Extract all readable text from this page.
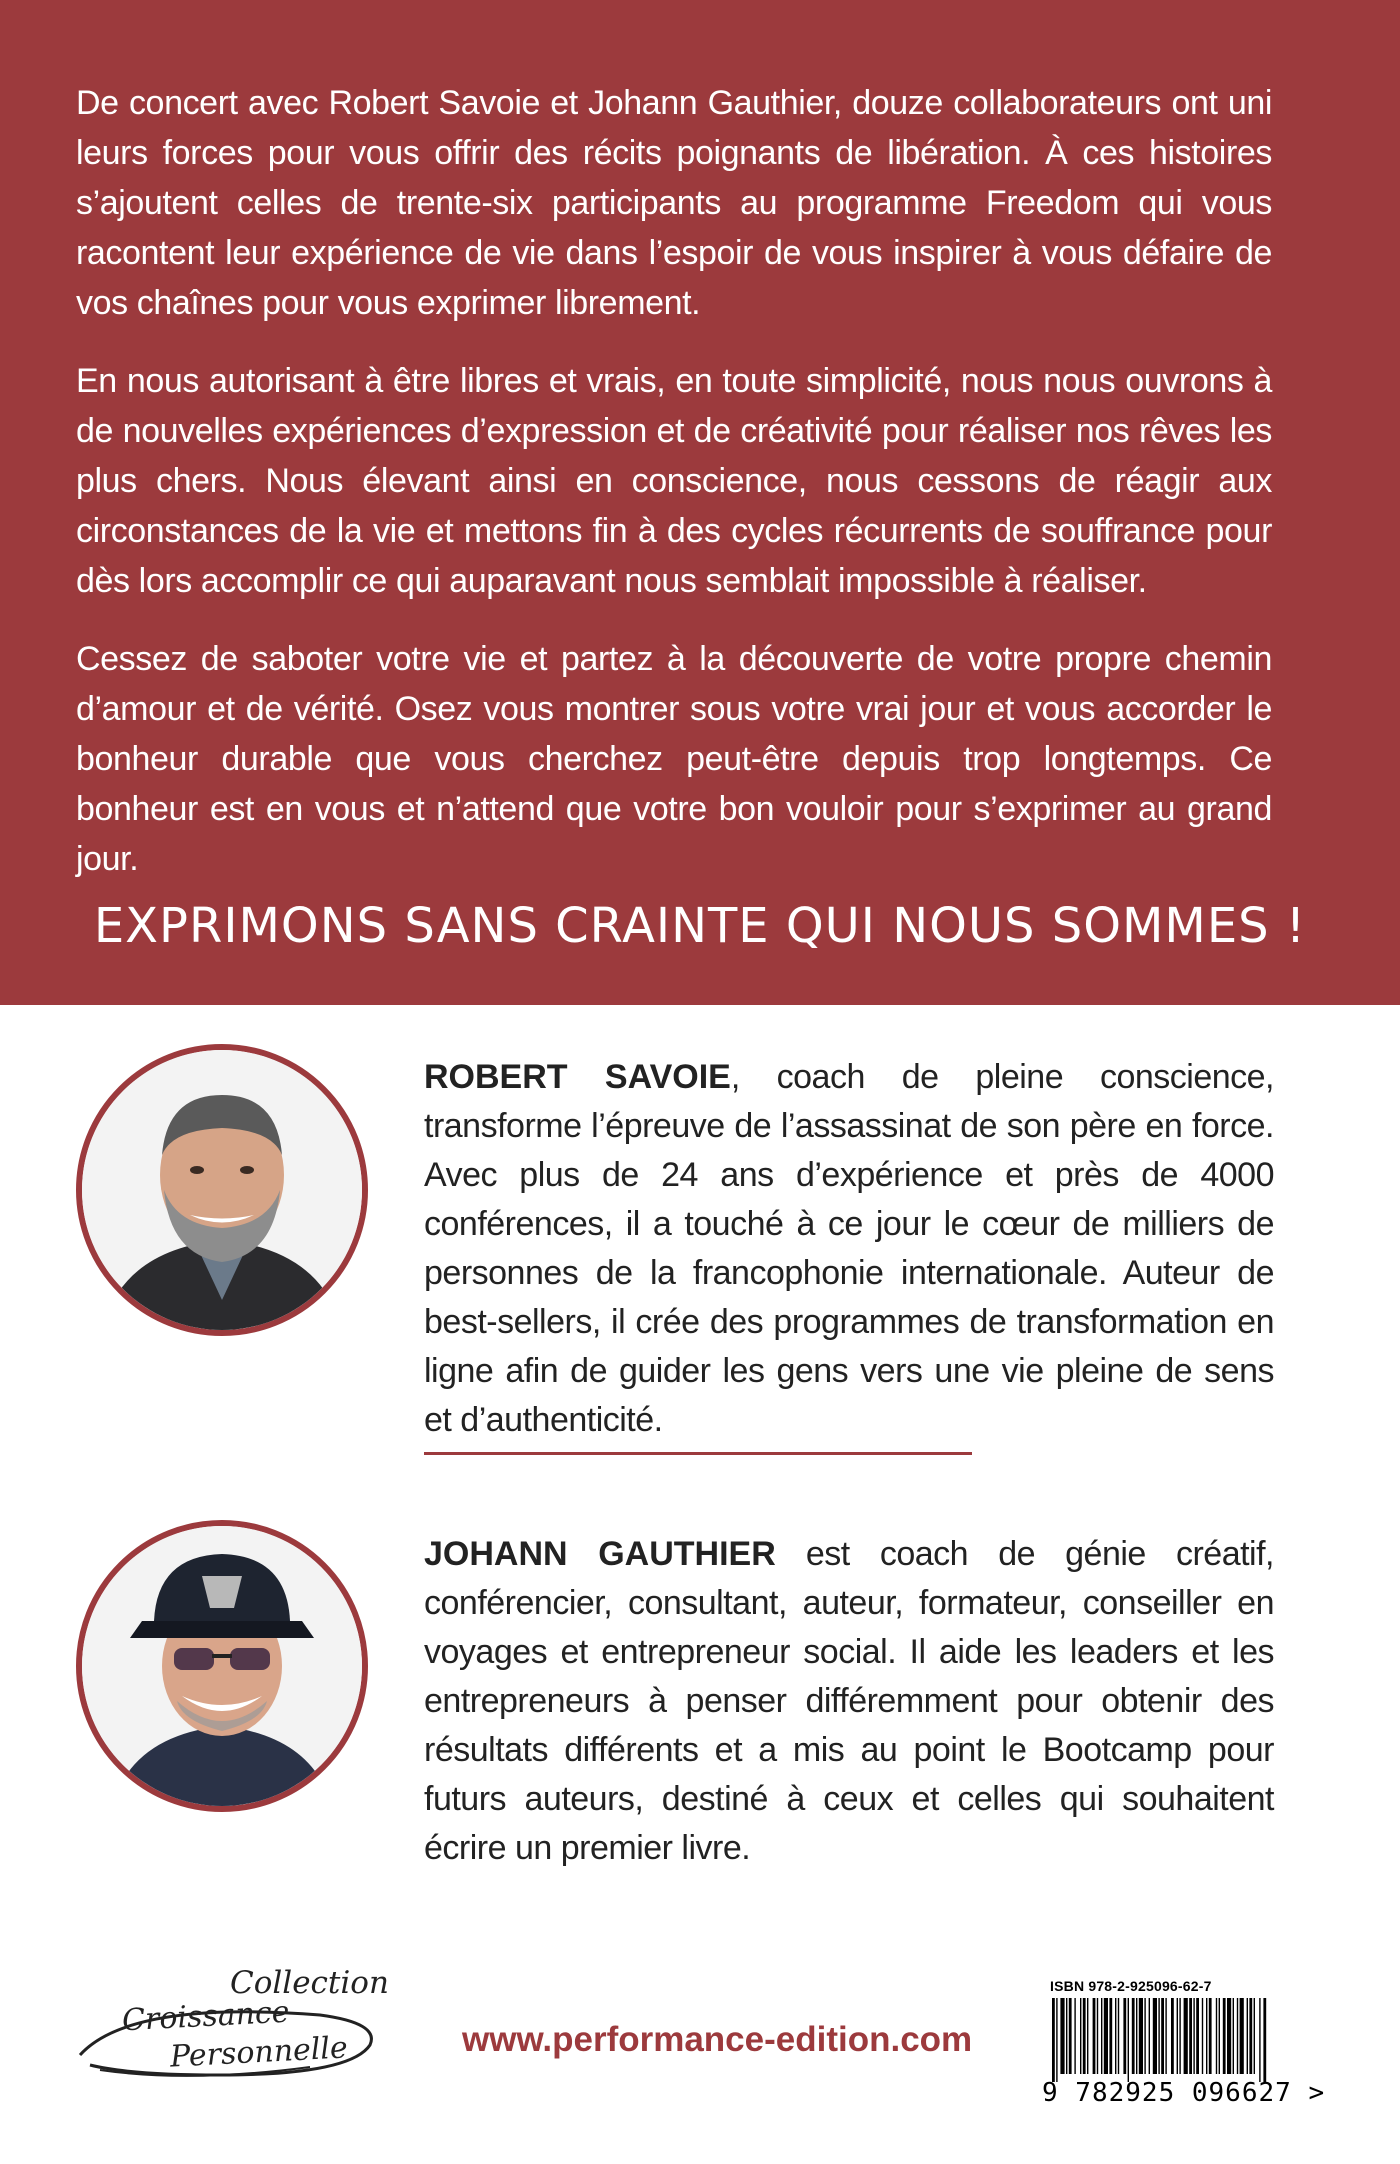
De concert avec Robert Savoie et Johann Gauthier, douze collaborateurs ont uni leurs forces pour vous offrir des récits poignants de libération. À ces histoires s’ajoutent celles de trente-six participants au programme Freedom qui vous racontent leur expérience de vie dans l’espoir de vous inspirer à vous défaire de vos chaînes pour vous exprimer librement.

En nous autorisant à être libres et vrais, en toute simplicité, nous nous ouvrons à de nouvelles expériences d’expression et de créativité pour réaliser nos rêves les plus chers. Nous élevant ainsi en conscience, nous cessons de réagir aux circonstances de la vie et mettons fin à des cycles récurrents de souffrance pour dès lors accomplir ce qui auparavant nous semblait impossible à réaliser.

Cessez de saboter votre vie et partez à la découverte de votre propre chemin d’amour et de vérité. Osez vous montrer sous votre vrai jour et vous accorder le bonheur durable que vous cherchez peut-être depuis trop longtemps. Ce bonheur est en vous et n’attend que votre bon vouloir pour s’exprimer au grand jour.

EXPRIMONS SANS CRAINTE QUI NOUS SOMMES !

ROBERT SAVOIE, coach de pleine conscience, transforme l’épreuve de l’assassinat de son père en force. Avec plus de 24 ans d’expérience et près de 4000 conférences, il a touché à ce jour le cœur de milliers de personnes de la francophonie internationale. Auteur de best-sellers, il crée des programmes de transformation en ligne afin de guider les gens vers une vie pleine de sens et d’authenticité.

JOHANN GAUTHIER est coach de génie créatif, conférencier, consultant, auteur, formateur, conseiller en voyages et entrepreneur social. Il aide les leaders et les entrepreneurs à penser différemment pour obtenir des résultats différents et a mis au point le Bootcamp pour futurs auteurs, destiné à ceux et celles qui souhaitent écrire un premier livre.

Collection
Croissance
Personnelle	www.performance-edition.com
ISBN 978-2-925096-62-7
9 782925 096627 >
